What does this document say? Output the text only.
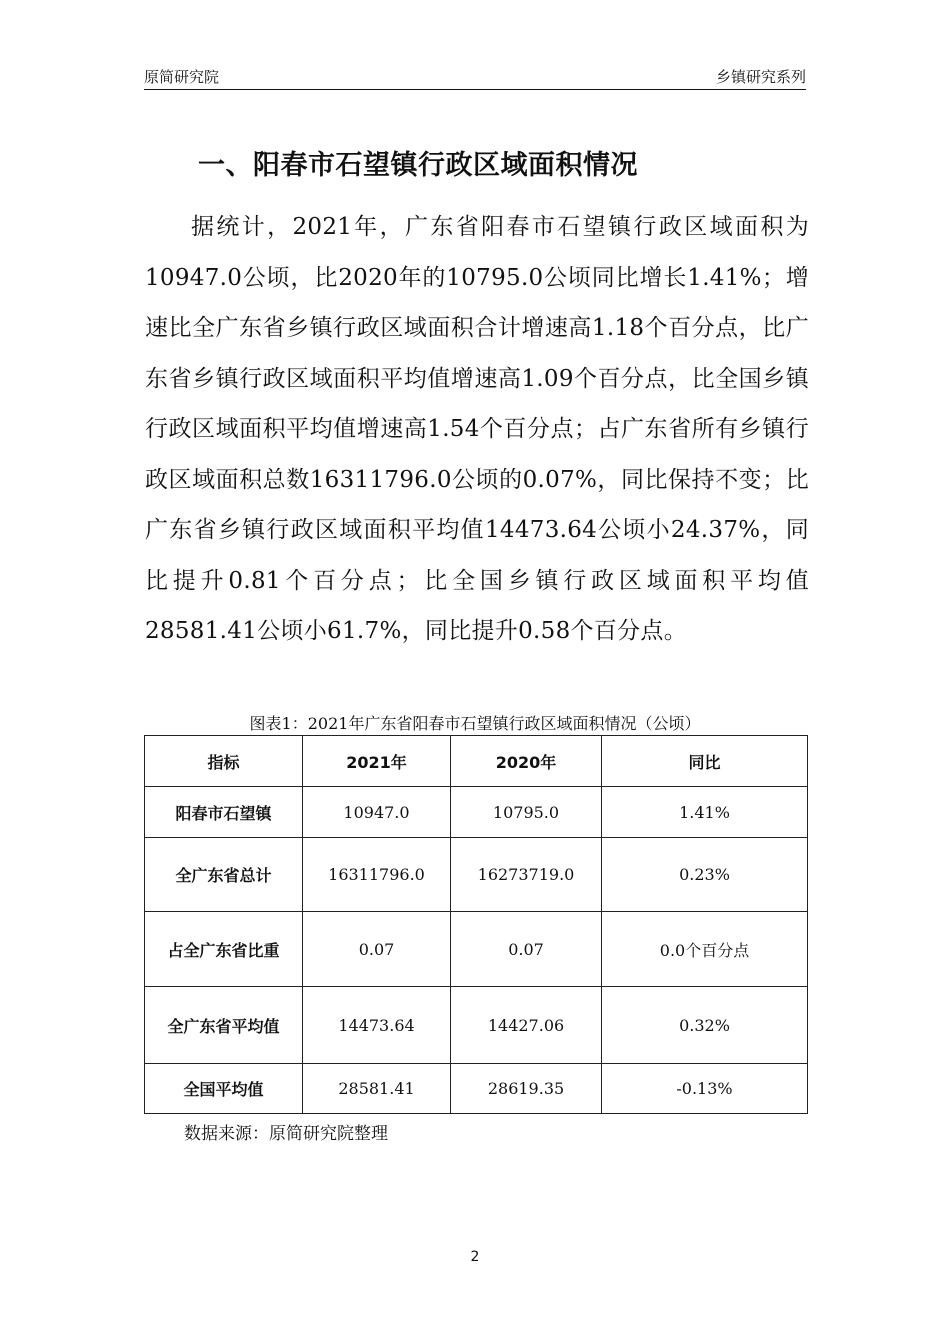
原简研究院	乡镇研究系列
一、阳春市石望镇行政区域面积情况
据统计，2021年，广东省阳春市石望镇行政区域面积为10947.0公顷，比2020年的10795.0公顷同比增长1.41%；增速比全广东省乡镇行政区域面积合计增速高1.18个百分点，比广东省乡镇行政区域面积平均值增速高1.09个百分点，比全国乡镇行政区域面积平均值增速高1.54个百分点；占广东省所有乡镇行政区域面积总数16311796.0公顷的0.07%，同比保持不变；比广东省乡镇行政区域面积平均值14473.64公顷小24.37%，同比提升0.81个百分点；比全国乡镇行政区域面积平均值28581.41公顷小61.7%，同比提升0.58个百分点。
图表1：2021年广东省阳春市石望镇行政区域面积情况（公顷）
指标	2021年	2020年	同比
阳春市石望镇	10947.0	10795.0	1.41%
全广东省总计	16311796.0	16273719.0	0.23%
占全广东省比重	0.07	0.07	0.0个百分点
全广东省平均值	14473.64	14427.06	0.32%
全国平均值	28581.41	28619.35	-0.13%
数据来源：原简研究院整理
2
